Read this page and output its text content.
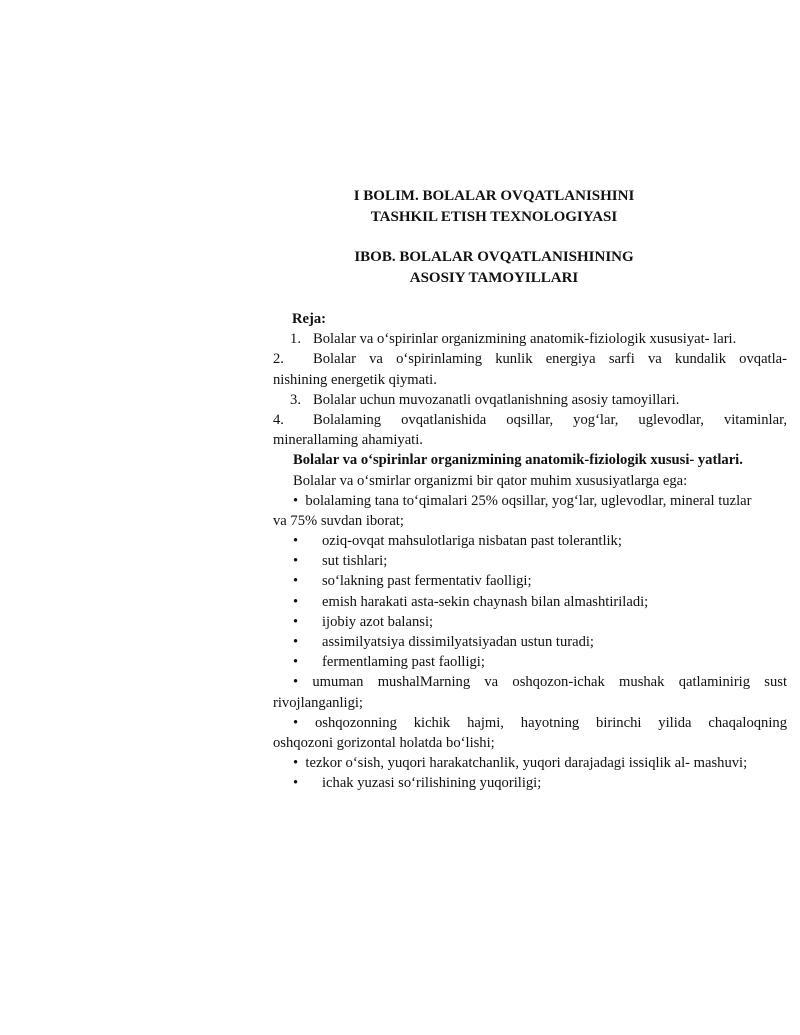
I BOLIM. BOLALAR OVQATLANISHINI
TASHKIL ETISH TEXNOLOGIYASI
IBOB. BOLALAR OVQATLANISHINING
ASOSIY TAMOYILLARI
Reja:
1. Bolalar va o‘spirinlar organizmining anatomik-fiziologik xususiyat- lari.
2. Bolalar va o‘spirinlaming kunlik energiya sarfi va kundalik ovqatla-
nishining energetik qiymati.
3. Bolalar uchun muvozanatli ovqatlanishning asosiy tamoyillari.
4. Bolalaming ovqatlanishida oqsillar, yog‘lar, uglevodlar, vitaminlar,
minerallaming ahamiyati.
Bolalar va o‘spirinlar organizmining anatomik-fiziologik xususi- yatlari.
Bolalar va o‘smirlar organizmi bir qator muhim xususiyatlarga ega:
• bolalaming tana to‘qimalari 25% oqsillar, yog‘lar, uglevodlar, mineral tuzlar
va 75% suvdan iborat;
• oziq-ovqat mahsulotlariga nisbatan past tolerantlik;
• sut tishlari;
• so‘lakning past fermentativ faolligi;
• emish harakati asta-sekin chaynash bilan almashtiriladi;
• ijobiy azot balansi;
• assimilyatsiya dissimilyatsiyadan ustun turadi;
• fermentlaming past faolligi;
• umuman mushalMarning va oshqozon-ichak mushak qatlaminirig sust
rivojlanganligi;
• oshqozonning kichik hajmi, hayotning birinchi yilida chaqaloqning
oshqozoni gorizontal holatda bo‘lishi;
• tezkor o‘sish, yuqori harakatchanlik, yuqori darajadagi issiqlik al- mashuvi;
• ichak yuzasi so‘rilishining yuqoriligi;
